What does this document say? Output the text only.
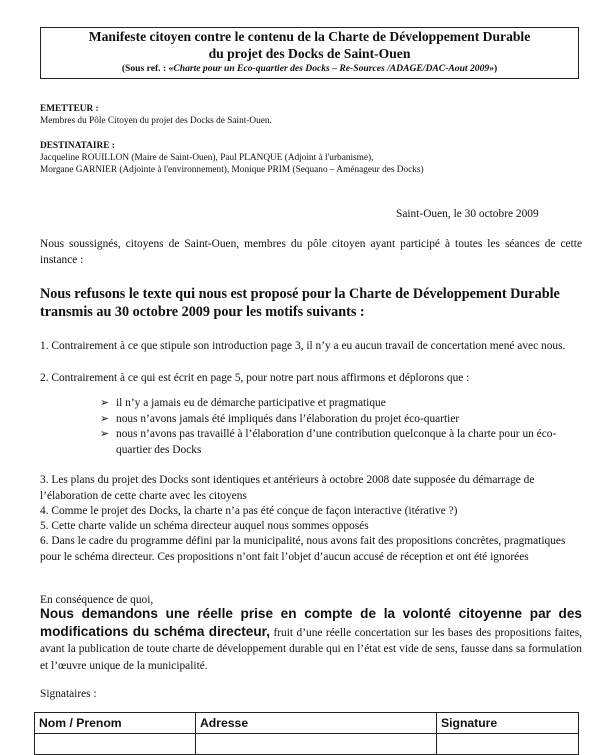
Manifeste citoyen contre le contenu de la Charte de Développement Durable
du projet des Docks de Saint-Ouen
(Sous ref. : «Charte pour un Eco-quartier des Docks – Re-Sources /ADAGE/DAC-Aout 2009»)
EMETTEUR :
Membres du Pôle Citoyen du projet des Docks de Saint-Ouen.
DESTINATAIRE :
Jacqueline ROUILLON (Maire de Saint-Ouen), Paul PLANQUE (Adjoint à l'urbanisme),
Morgane GARNIER (Adjointe à l'environnement), Monique PRIM (Sequano – Aménageur des Docks)
Saint-Ouen, le 30 octobre 2009
Nous soussignés, citoyens de Saint-Ouen, membres du pôle citoyen ayant participé à toutes les séances de cette instance :
Nous refusons le texte qui nous est proposé pour la Charte de Développement Durable transmis au 30 octobre 2009 pour les motifs suivants :
1. Contrairement à ce que stipule son introduction page 3, il n’y a eu aucun travail de concertation mené avec nous.
2. Contrairement à ce qui est écrit en page 5, pour notre part nous affirmons et déplorons que :
➢ il n’y a jamais eu de démarche participative et pragmatique
➢ nous n’avons jamais été impliqués dans l’élaboration du projet éco-quartier
➢ nous n’avons pas travaillé à l’élaboration d’une contribution quelconque à la charte pour un éco-quartier des Docks
3. Les plans du projet des Docks sont identiques et antérieurs à octobre 2008 date supposée du démarrage de l’élaboration de cette charte avec les citoyens
4. Comme le projet des Docks, la charte n’a pas été conçue de façon interactive (itérative ?)
5. Cette charte valide un schéma directeur auquel nous sommes opposés
6. Dans le cadre du programme défini par la municipalité, nous avons fait des propositions concrètes, pragmatiques pour le schéma directeur. Ces propositions n’ont fait l’objet d’aucun accusé de réception et ont été ignorées
En conséquence de quoi,
Nous demandons une réelle prise en compte de la volonté citoyenne par des modifications du schéma directeur, fruit d’une réelle concertation sur les bases des propositions faites, avant la publication de toute charte de développement durable qui en l’état est vide de sens, fausse dans sa formulation et l’œuvre unique de la municipalité.
Signataires :
Nom / Prenom	Adresse	Signature
